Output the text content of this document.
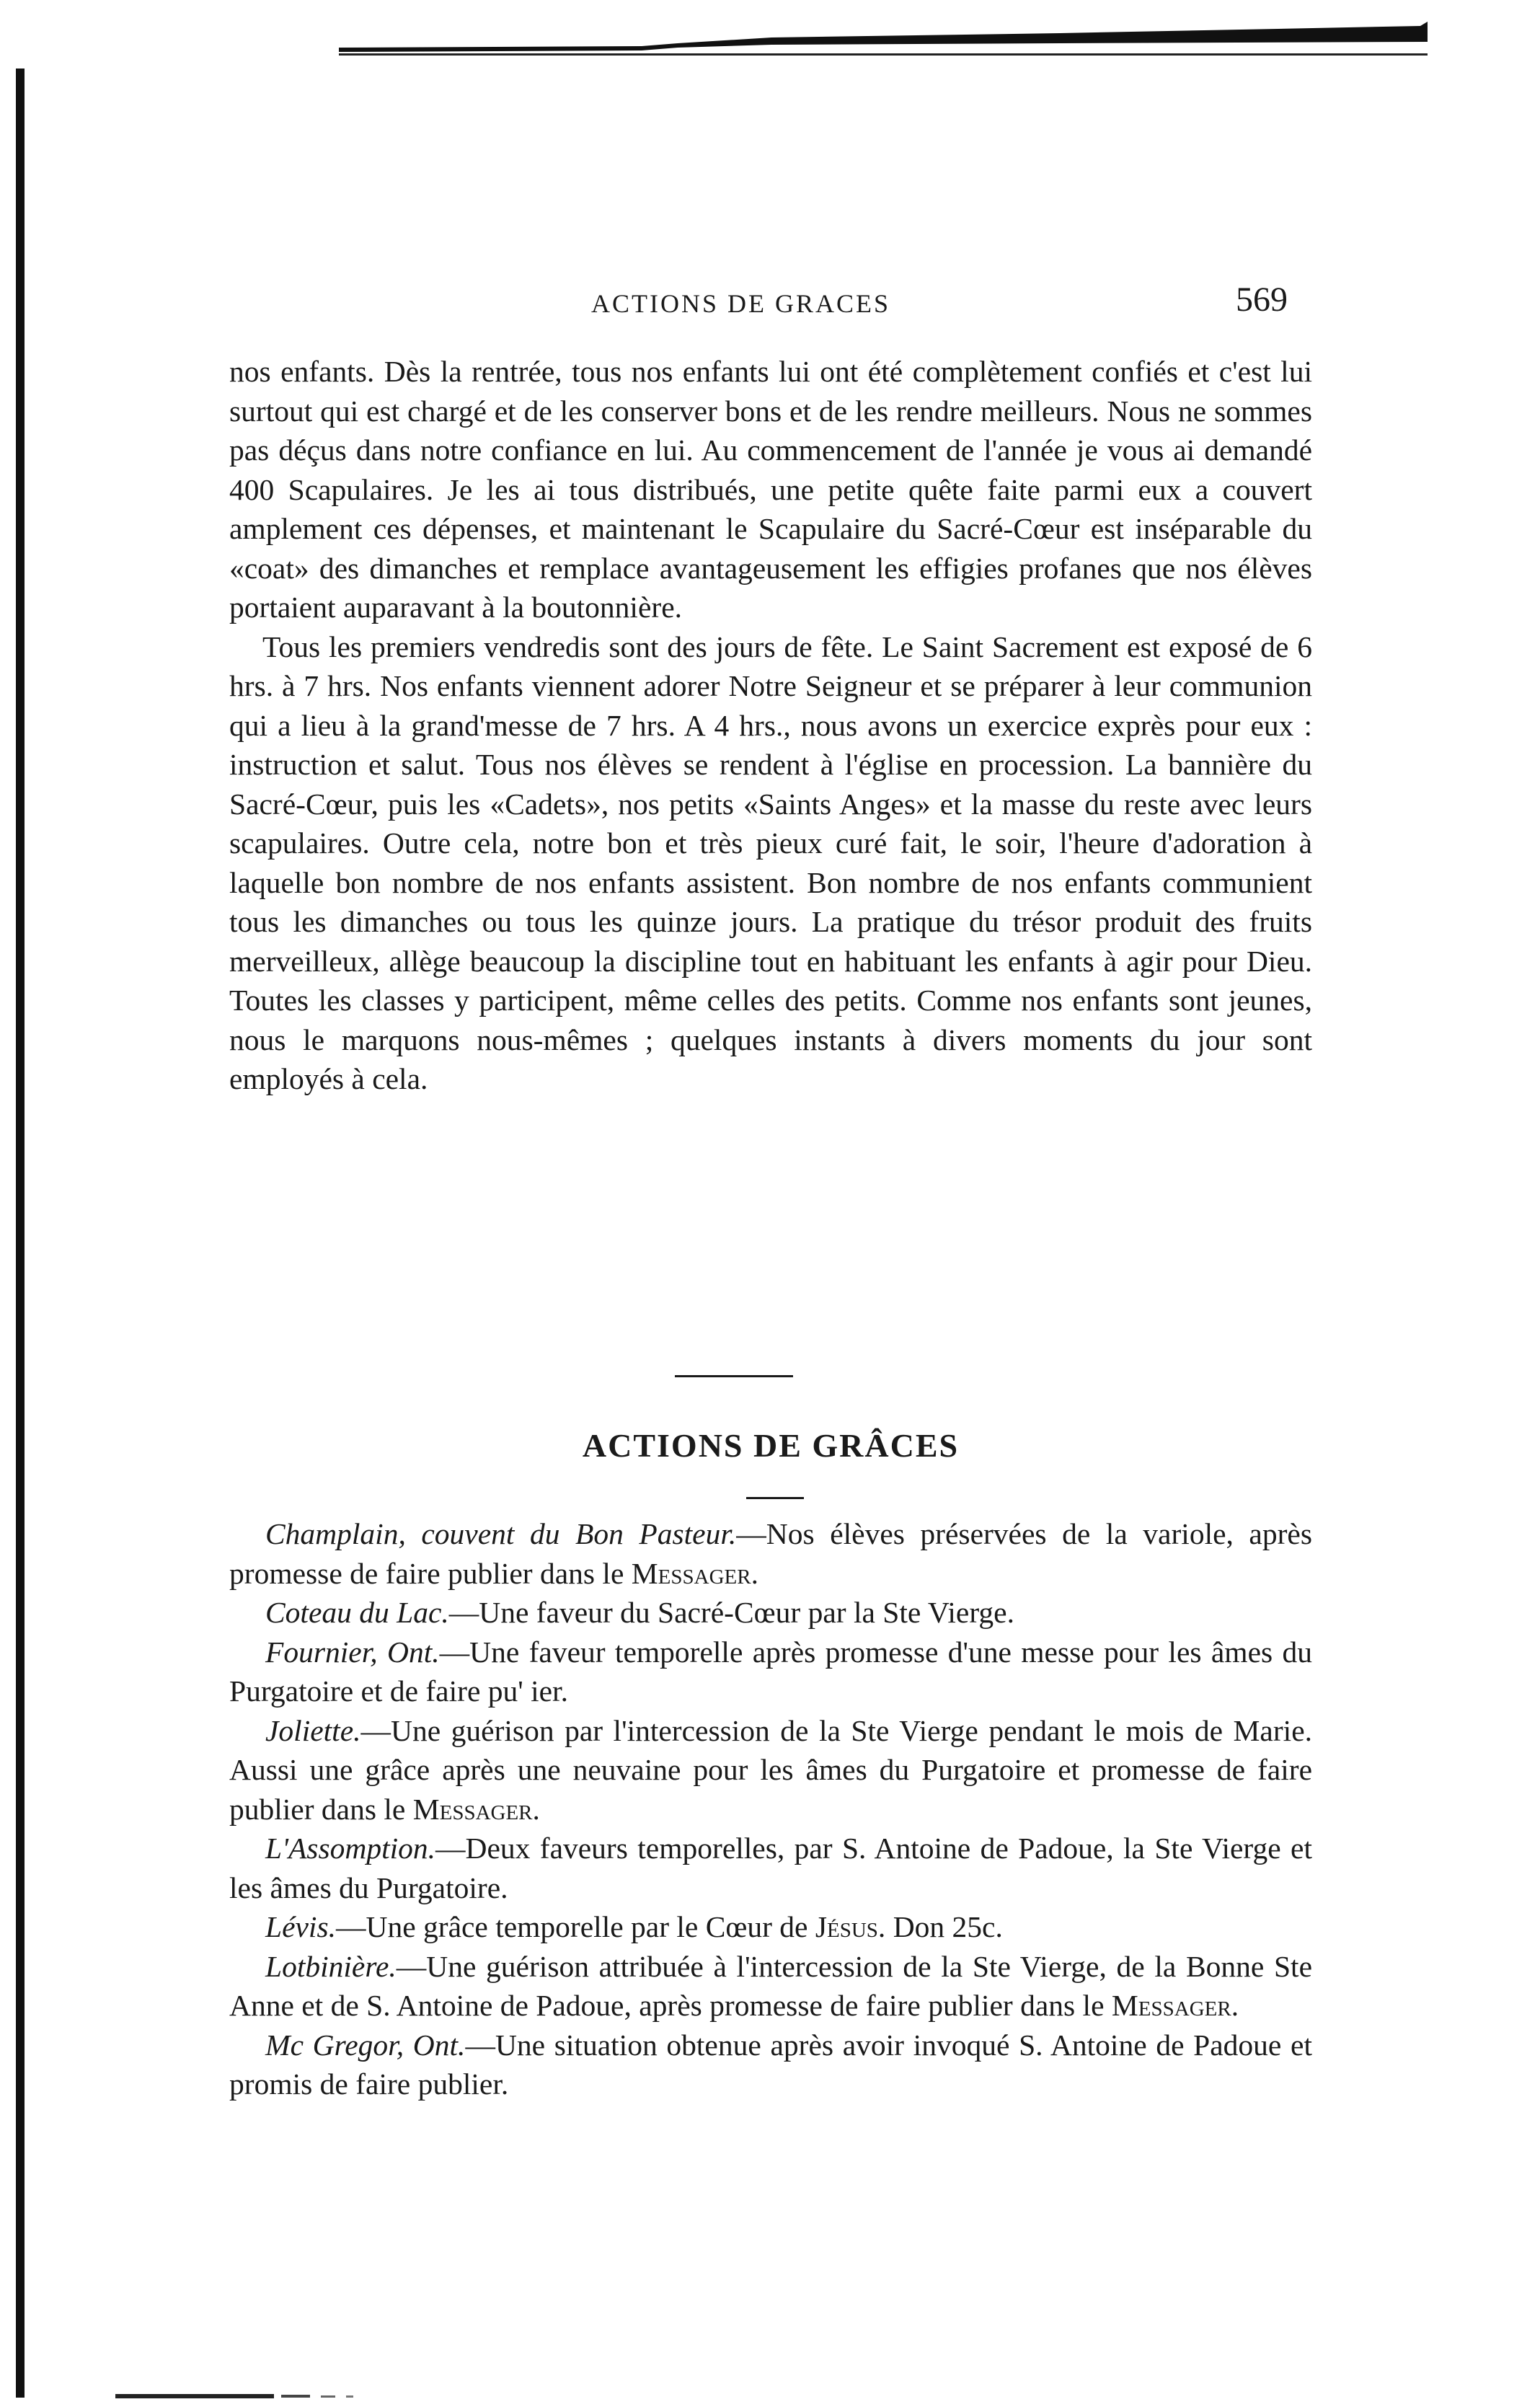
ACTIONS DE GRACES	569

nos enfants. Dès la rentrée, tous nos enfants lui ont été complètement confiés et c'est lui surtout qui est chargé et de les conserver bons et de les rendre meilleurs. Nous ne sommes pas déçus dans notre confiance en lui. Au commencement de l'année je vous ai demandé 400 Scapulaires. Je les ai tous distribués, une petite quête faite parmi eux a couvert amplement ces dépenses, et maintenant le Scapulaire du Sacré-Cœur est inséparable du «coat» des dimanches et remplace avantageusement les effigies profanes que nos élèves portaient auparavant à la boutonnière.

Tous les premiers vendredis sont des jours de fête. Le Saint Sacrement est exposé de 6 hrs. à 7 hrs. Nos enfants viennent adorer Notre Seigneur et se préparer à leur communion qui a lieu à la grand'messe de 7 hrs. A 4 hrs., nous avons un exercice exprès pour eux : instruction et salut. Tous nos élèves se rendent à l'église en procession. La bannière du Sacré-Cœur, puis les «Cadets», nos petits «Saints Anges» et la masse du reste avec leurs scapulaires. Outre cela, notre bon et très pieux curé fait, le soir, l'heure d'adoration à laquelle bon nombre de nos enfants assistent. Bon nombre de nos enfants communient tous les dimanches ou tous les quinze jours. La pratique du trésor produit des fruits merveilleux, allège beaucoup la discipline tout en habituant les enfants à agir pour Dieu. Toutes les classes y participent, même celles des petits. Comme nos enfants sont jeunes, nous le marquons nous-mêmes ; quelques instants à divers moments du jour sont employés à cela.

ACTIONS DE GRÂCES

Champlain, couvent du Bon Pasteur.—Nos élèves préservées de la variole, après promesse de faire publier dans le Messager.

Coteau du Lac.—Une faveur du Sacré-Cœur par la Ste Vierge.

Fournier, Ont.—Une faveur temporelle après promesse d'une messe pour les âmes du Purgatoire et de faire pu' ier.

Joliette.—Une guérison par l'intercession de la Ste Vierge pendant le mois de Marie. Aussi une grâce après une neuvaine pour les âmes du Purgatoire et promesse de faire publier dans le Messager.

L'Assomption.—Deux faveurs temporelles, par S. Antoine de Padoue, la Ste Vierge et les âmes du Purgatoire.

Lévis.—Une grâce temporelle par le Cœur de Jésus. Don 25c.

Lotbinière.—Une guérison attribuée à l'intercession de la Ste Vierge, de la Bonne Ste Anne et de S. Antoine de Padoue, après promesse de faire publier dans le Messager.

Mc Gregor, Ont.—Une situation obtenue après avoir invoqué S. Antoine de Padoue et promis de faire publier.
